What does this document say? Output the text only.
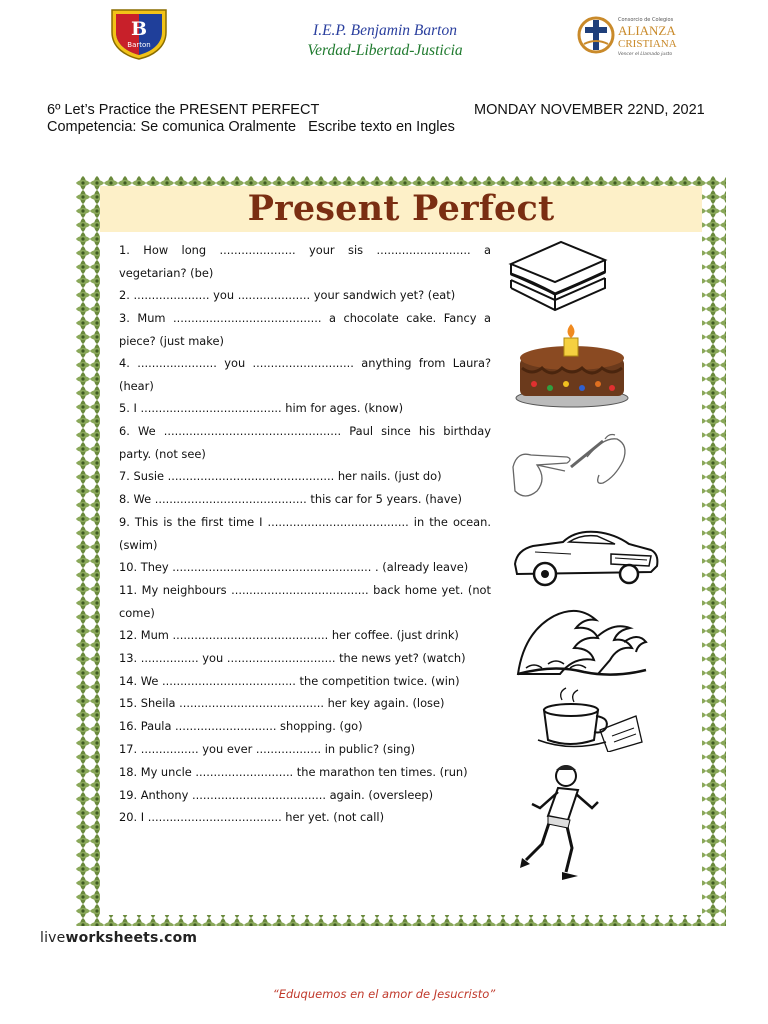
B
Barton
I.E.P. Benjamin Barton
Verdad-Libertad-Justicia
Consorcio de Colegios
ALIANZA
CRISTIANA
Vencer el Llamado justo
6º Let’s Practice the PRESENT PERFECT	MONDAY NOVEMBER 22ND, 2021
Competencia: Se comunica Oralmente   Escribe texto en Ingles
Present Perfect
1. How long ..................... your sis .......................... a vegetarian? (be)
2. ..................... you .................... your sandwich yet? (eat)
3. Mum ......................................... a chocolate cake. Fancy a piece? (just make)
4. ...................... you ............................ anything from Laura? (hear)
5. I ....................................... him for ages. (know)
6. We ................................................. Paul since his birthday party. (not see)
7. Susie .............................................. her nails. (just do)
8. We .......................................... this car for 5 years. (have)
9. This is the first time I ....................................... in the ocean. (swim)
10. They ....................................................... . (already leave)
11. My neighbours ...................................... back home yet. (not come)
12. Mum ........................................... her coffee. (just drink)
13. ................ you .............................. the news yet? (watch)
14. We ..................................... the competition twice. (win)
15. Sheila ........................................ her key again. (lose)
16. Paula ............................ shopping. (go)
17. ................ you ever .................. in public? (sing)
18. My uncle ........................... the marathon ten times. (run)
19. Anthony ..................................... again. (oversleep)
20. I ..................................... her yet. (not call)
liveworksheets.com
“Eduquemos en el amor de Jesucristo”
